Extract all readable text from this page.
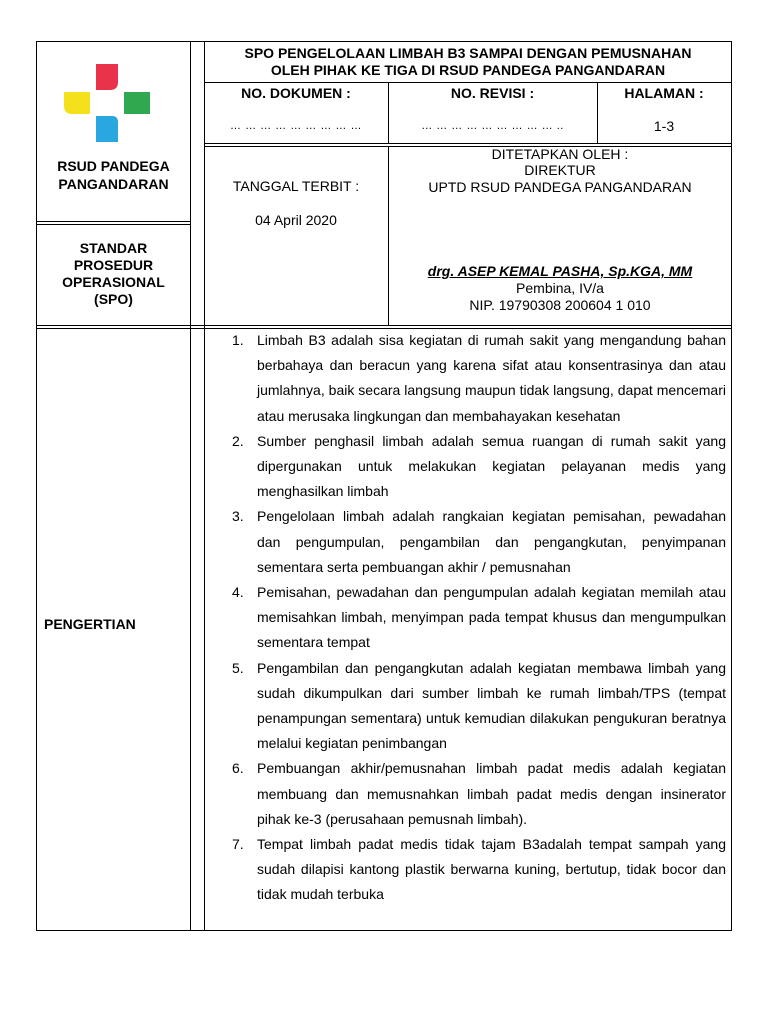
RSUD PANDEGA
PANGANDARAN
SPO PENGELOLAAN LIMBAH B3 SAMPAI DENGAN PEMUSNAHAN
OLEH PIHAK KE TIGA DI RSUD PANDEGA PANGANDARAN
NO. DOKUMEN :
… … … … … … … … …
NO. REVISI :
… … … … … … … … … ..
HALAMAN :
1-3
STANDAR
PROSEDUR
OPERASIONAL
(SPO)
TANGGAL TERBIT :
04 April 2020
DITETAPKAN OLEH :
DIREKTUR
UPTD RSUD PANDEGA PANGANDARAN
drg. ASEP KEMAL PASHA, Sp.KGA, MM
Pembina, IV/a
NIP. 19790308 200604 1 010
PENGERTIAN
1. Limbah B3 adalah sisa kegiatan di rumah sakit yang mengandung bahan berbahaya dan beracun yang karena sifat atau konsentrasinya dan atau jumlahnya, baik secara langsung maupun tidak langsung, dapat mencemari atau merusaka lingkungan dan membahayakan kesehatan
2. Sumber penghasil limbah adalah semua ruangan di rumah sakit yang dipergunakan untuk melakukan kegiatan pelayanan medis yang menghasilkan limbah
3. Pengelolaan limbah adalah rangkaian kegiatan pemisahan, pewadahan dan pengumpulan, pengambilan dan pengangkutan, penyimpanan sementara serta pembuangan akhir / pemusnahan
4. Pemisahan, pewadahan dan pengumpulan adalah kegiatan memilah atau memisahkan limbah, menyimpan pada tempat khusus dan mengumpulkan sementara tempat
5. Pengambilan dan pengangkutan adalah kegiatan membawa limbah yang sudah dikumpulkan dari sumber limbah ke rumah limbah/TPS (tempat penampungan sementara) untuk kemudian dilakukan pengukuran beratnya melalui kegiatan penimbangan
6. Pembuangan akhir/pemusnahan limbah padat medis adalah kegiatan membuang dan memusnahkan limbah padat medis dengan insinerator pihak ke-3 (perusahaan pemusnah limbah).
7. Tempat limbah padat medis tidak tajam B3adalah tempat sampah yang sudah dilapisi kantong plastik berwarna kuning, bertutup, tidak bocor dan tidak mudah terbuka
